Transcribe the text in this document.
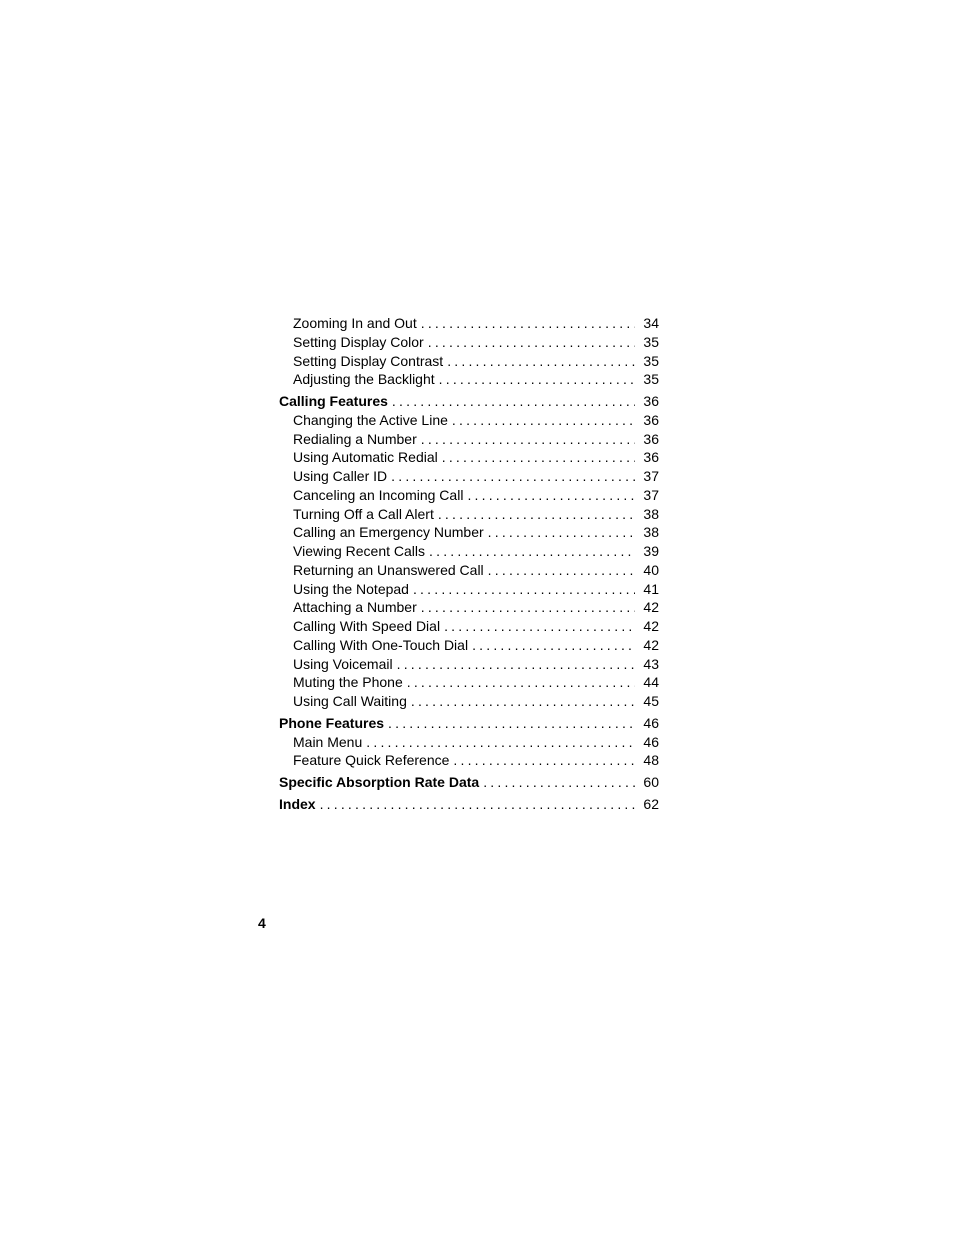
Zooming In and Out .....	34
Setting Display Color .....	35
Setting Display Contrast .....	35
Adjusting the Backlight .....	35
Calling Features .....	36
Changing the Active Line .....	36
Redialing a Number .....	36
Using Automatic Redial .....	36
Using Caller ID .....	37
Canceling an Incoming Call .....	37
Turning Off a Call Alert .....	38
Calling an Emergency Number .....	38
Viewing Recent Calls .....	39
Returning an Unanswered Call .....	40
Using the Notepad .....	41
Attaching a Number .....	42
Calling With Speed Dial .....	42
Calling With One-Touch Dial .....	42
Using Voicemail .....	43
Muting the Phone .....	44
Using Call Waiting .....	45
Phone Features .....	46
Main Menu .....	46
Feature Quick Reference .....	48
Specific Absorption Rate Data .....	60
Index .....	62
4
